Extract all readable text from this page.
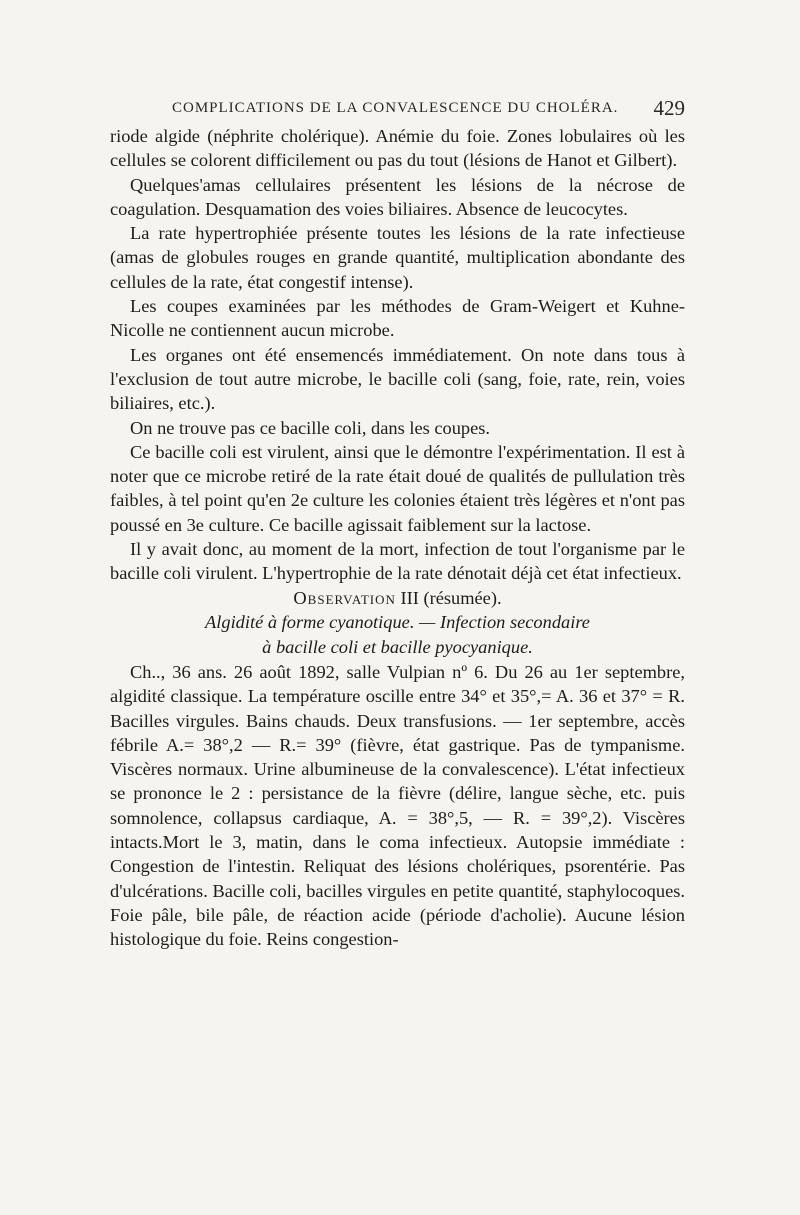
COMPLICATIONS DE LA CONVALESCENCE DU CHOLÉRA. 429

riode algide (néphrite cholérique). Anémie du foie. Zones lobulaires où les cellules se colorent difficilement ou pas du tout (lésions de Hanot et Gilbert).

Quelques'amas cellulaires présentent les lésions de la nécrose de coagulation. Desquamation des voies biliaires. Absence de leucocytes.

La rate hypertrophiée présente toutes les lésions de la rate infectieuse (amas de globules rouges en grande quantité, multiplication abondante des cellules de la rate, état congestif intense).

Les coupes examinées par les méthodes de Gram-Weigert et Kuhne-Nicolle ne contiennent aucun microbe.

Les organes ont été ensemencés immédiatement. On note dans tous à l'exclusion de tout autre microbe, le bacille coli (sang, foie, rate, rein, voies biliaires, etc.).

On ne trouve pas ce bacille coli, dans les coupes.

Ce bacille coli est virulent, ainsi que le démontre l'expérimentation. Il est à noter que ce microbe retiré de la rate était doué de qualités de pullulation très faibles, à tel point qu'en 2e culture les colonies étaient très légères et n'ont pas poussé en 3e culture. Ce bacille agissait faiblement sur la lactose.

Il y avait donc, au moment de la mort, infection de tout l'organisme par le bacille coli virulent. L'hypertrophie de la rate dénotait déjà cet état infectieux.

Observation III (résumée).

Algidité à forme cyanotique. — Infection secondaire

à bacille coli et bacille pyocyanique.

Ch.., 36 ans. 26 août 1892, salle Vulpian nº 6. Du 26 au 1er septembre, algidité classique. La température oscille entre 34° et 35°,= A. 36 et 37° = R. Bacilles virgules. Bains chauds. Deux transfusions. — 1er septembre, accès fébrile A.= 38°,2 — R.= 39° (fièvre, état gastrique. Pas de tympanisme. Viscères normaux. Urine albumineuse de la convalescence). L'état infectieux se prononce le 2 : persistance de la fièvre (délire, langue sèche, etc. puis somnolence, collapsus cardiaque, A. = 38°,5, — R. = 39°,2). Viscères intacts.Mort le 3, matin, dans le coma infectieux. Autopsie immédiate : Congestion de l'intestin. Reliquat des lésions cholériques, psorentérie. Pas d'ulcérations. Bacille coli, bacilles virgules en petite quantité, staphylocoques. Foie pâle, bile pâle, de réaction acide (période d'acholie). Aucune lésion histologique du foie. Reins congestion-
